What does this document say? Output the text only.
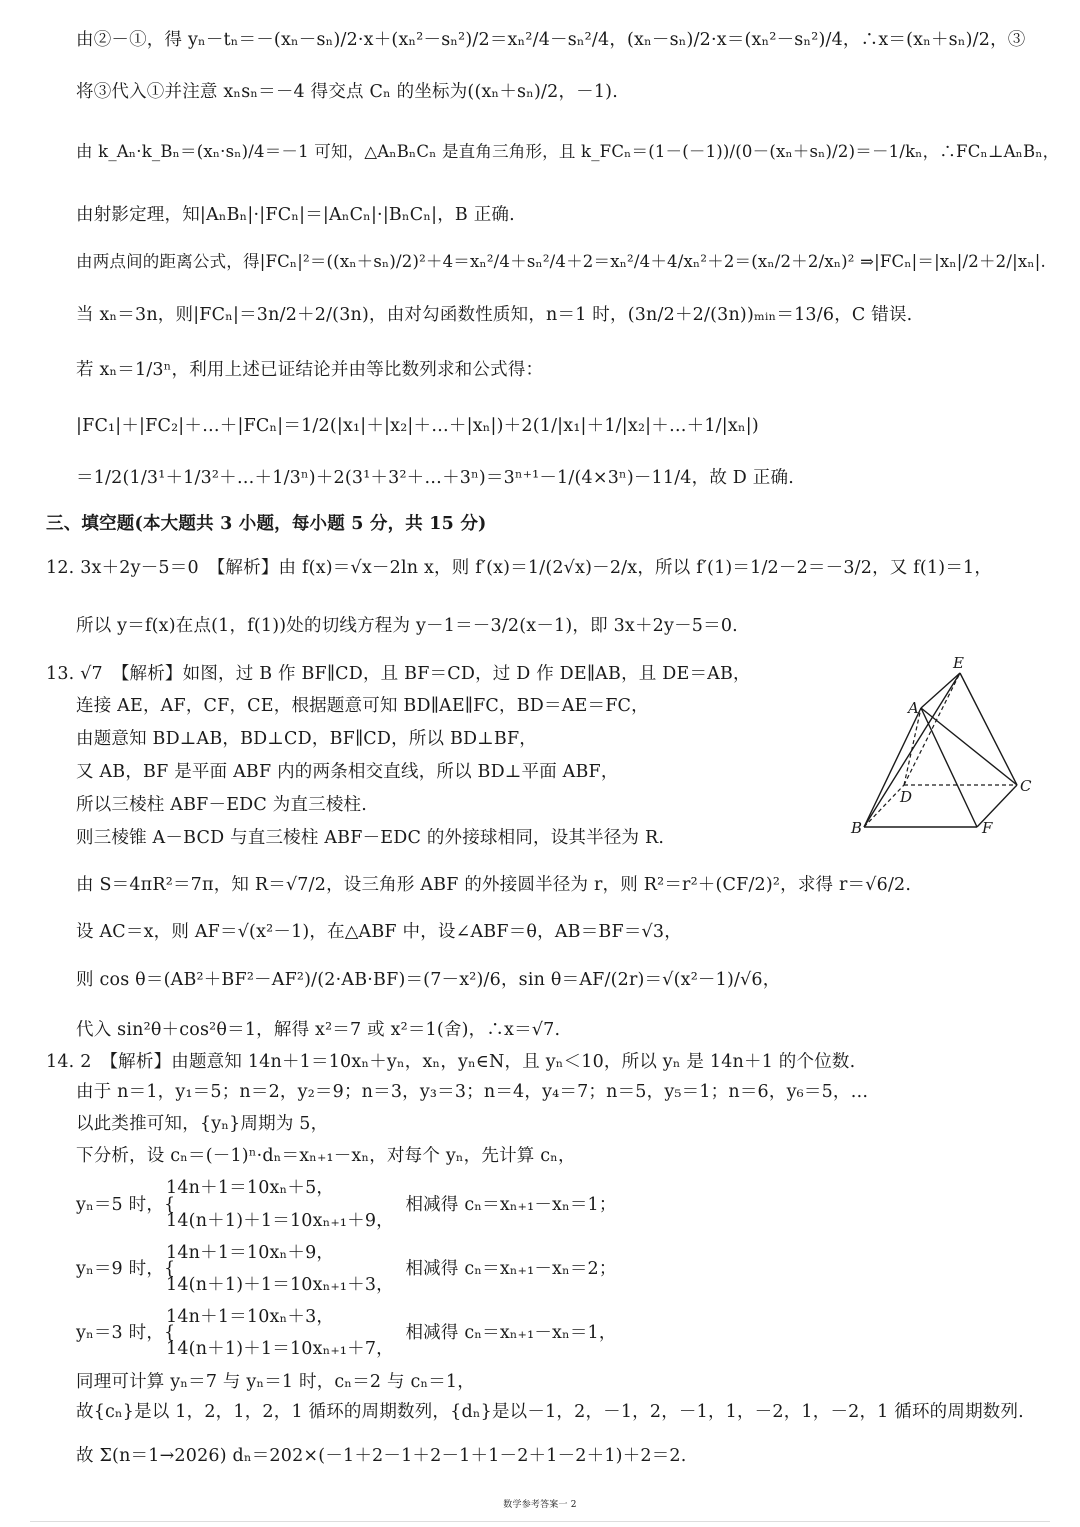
由②－①，得 yₙ－tₙ＝－(xₙ－sₙ)/2·x＋(xₙ²－sₙ²)/2＝xₙ²/4－sₙ²/4，(xₙ－sₙ)/2·x＝(xₙ²－sₙ²)/4，∴x＝(xₙ＋sₙ)/2，③
将③代入①并注意 xₙsₙ＝－4 得交点 Cₙ 的坐标为((xₙ＋sₙ)/2，－1).
由 k_Aₙ·k_Bₙ＝(xₙ·sₙ)/4＝－1 可知，△AₙBₙCₙ 是直角三角形，且 k_FCₙ＝(1－(－1))/(0－(xₙ＋sₙ)/2)＝－1/kₙ，∴FCₙ⊥AₙBₙ，
由射影定理，知|AₙBₙ|·|FCₙ|＝|AₙCₙ|·|BₙCₙ|，B 正确.
由两点间的距离公式，得|FCₙ|²＝((xₙ＋sₙ)/2)²＋4＝xₙ²/4＋sₙ²/4＋2＝xₙ²/4＋4/xₙ²＋2＝(xₙ/2＋2/xₙ)² ⇒|FCₙ|＝|xₙ|/2＋2/|xₙ|.
当 xₙ＝3n，则|FCₙ|＝3n/2＋2/(3n)，由对勾函数性质知，n＝1 时，(3n/2＋2/(3n))ₘᵢₙ＝13/6，C 错误.
若 xₙ＝1/3ⁿ，利用上述已证结论并由等比数列求和公式得：
|FC₁|＋|FC₂|＋…＋|FCₙ|＝1/2(|x₁|＋|x₂|＋…＋|xₙ|)＋2(1/|x₁|＋1/|x₂|＋…＋1/|xₙ|)
＝1/2(1/3¹＋1/3²＋…＋1/3ⁿ)＋2(3¹＋3²＋…＋3ⁿ)＝3ⁿ⁺¹－1/(4×3ⁿ)－11/4，故 D 正确.
三、填空题(本大题共 3 小题，每小题 5 分，共 15 分)
12. 3x＋2y－5＝0　【解析】由 f(x)＝√x－2ln x，则 f′(x)＝1/(2√x)－2/x，所以 f′(1)＝1/2－2＝－3/2，又 f(1)＝1，
所以 y＝f(x)在点(1，f(1))处的切线方程为 y－1＝－3/2(x－1)，即 3x＋2y－5＝0.
13. √7　【解析】如图，过 B 作 BF∥CD，且 BF＝CD，过 D 作 DE∥AB，且 DE＝AB，
连接 AE，AF，CF，CE，根据题意可知 BD∥AE∥FC，BD＝AE＝FC，
由题意知 BD⊥AB，BD⊥CD，BF∥CD，所以 BD⊥BF，
又 AB，BF 是平面 ABF 内的两条相交直线，所以 BD⊥平面 ABF，
所以三棱柱 ABF－EDC 为直三棱柱.
则三棱锥 A－BCD 与直三棱柱 ABF－EDC 的外接球相同，设其半径为 R.
由 S＝4πR²＝7π，知 R＝√7/2，设三角形 ABF 的外接圆半径为 r，则 R²＝r²＋(CF/2)²，求得 r＝√6/2.
设 AC＝x，则 AF＝√(x²－1)，在△ABF 中，设∠ABF＝θ，AB＝BF＝√3，
则 cos θ＝(AB²＋BF²－AF²)/(2·AB·BF)＝(7－x²)/6，sin θ＝AF/(2r)＝√(x²－1)/√6，
代入 sin²θ＋cos²θ＝1，解得 x²＝7 或 x²＝1(舍)，∴x＝√7.
14. 2　【解析】由题意知 14n＋1＝10xₙ＋yₙ，xₙ，yₙ∈N，且 yₙ＜10，所以 yₙ 是 14n＋1 的个位数.
由于 n＝1，y₁＝5；n＝2，y₂＝9；n＝3，y₃＝3；n＝4，y₄＝7；n＝5，y₅＝1；n＝6，y₆＝5，…
以此类推可知，{yₙ}周期为 5，
下分析，设 cₙ＝(－1)ⁿ·dₙ＝xₙ₊₁－xₙ，对每个 yₙ，先计算 cₙ，
14n＋1＝10xₙ＋5，
yₙ＝5 时，{　　　　　　　　　　　　　相减得 cₙ＝xₙ₊₁－xₙ＝1；
14(n＋1)＋1＝10xₙ₊₁＋9，
14n＋1＝10xₙ＋9，
yₙ＝9 时，{　　　　　　　　　　　　　相减得 cₙ＝xₙ₊₁－xₙ＝2；
14(n＋1)＋1＝10xₙ₊₁＋3，
14n＋1＝10xₙ＋3，
yₙ＝3 时，{　　　　　　　　　　　　　相减得 cₙ＝xₙ₊₁－xₙ＝1，
14(n＋1)＋1＝10xₙ₊₁＋7，
同理可计算 yₙ＝7 与 yₙ＝1 时，cₙ＝2 与 cₙ＝1，
故{cₙ}是以 1，2，1，2，1 循环的周期数列，{dₙ}是以－1，2，－1，2，－1，1，－2，1，－2，1 循环的周期数列.
故 Σ(n＝1→2026) dₙ＝202×(－1＋2－1＋2－1＋1－2＋1－2＋1)＋2＝2.
E
A
D
C
B	F
数学参考答案一 2
